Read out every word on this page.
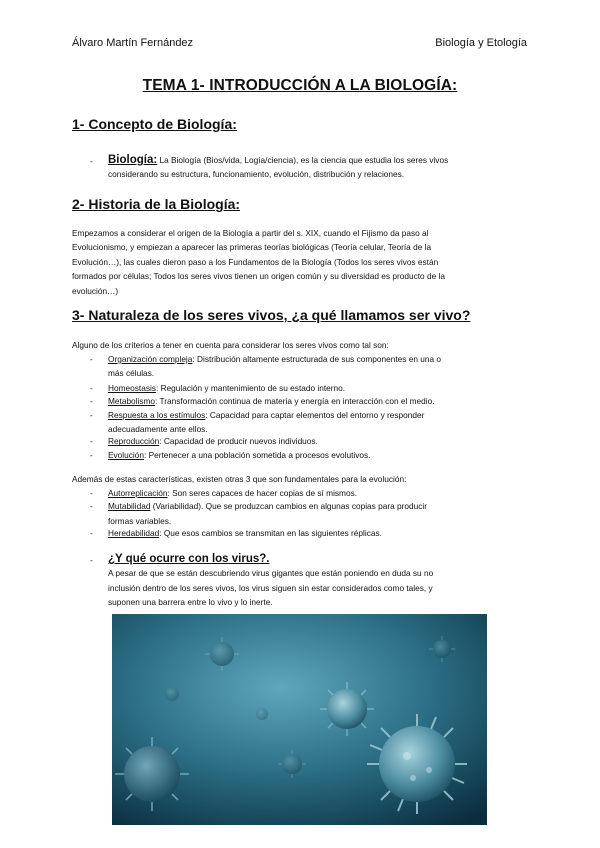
Álvaro Martín Fernández	Biología y Etología
TEMA 1- INTRODUCCIÓN A LA BIOLOGÍA:
1- Concepto de Biología:
-	Biología: La Biología (Bios/vida, Logía/ciencia), es la ciencia que estudia los seres vivos
considerando su estructura, funcionamiento, evolución, distribución y relaciones.
2- Historia de la Biología:
Empezamos a considerar el origen de la Biología a partir del s. XIX, cuando el Fijismo da paso al
Evolucionismo, y empiezan a aparecer las primeras teorías biológicas (Teoría celular, Teoría de la
Evolución…), las cuales dieron paso a los Fundamentos de la Biología (Todos los seres vivos están
formados por células; Todos los seres vivos tienen un origen común y su diversidad es producto de la
evolución…)
3- Naturaleza de los seres vivos, ¿a qué llamamos ser vivo?
Alguno de los criterios a tener en cuenta para considerar los seres vivos como tal son:
-	Organización compleja: Distribución altamente estructurada de sus componentes en una o
más células.
-	Homeostasis: Regulación y mantenimiento de su estado interno.
-	Metabolismo: Transformación continua de materia y energía en interacción con el medio.
-	Respuesta a los estímulos: Capacidad para captar elementos del entorno y responder
adecuadamente ante ellos.
-	Reproducción: Capacidad de producir nuevos individuos.
-	Evolución: Pertenecer a una población sometida a procesos evolutivos.
Además de estas características, existen otras 3 que son fundamentales para la evolución:
-	Autorreplicación: Son seres capaces de hacer copias de sí mismos.
-	Mutabilidad (Variabilidad). Que se produzcan cambios en algunas copias para producir
formas variables.
-	Heredabilidad: Que esos cambios se transmitan en las siguientes réplicas.
-	¿Y qué ocurre con los virus?.
A pesar de que se están descubriendo virus gigantes que están poniendo en duda su no
inclusión dentro de los seres vivos, los virus siguen sin estar considerados como tales, y
suponen una barrera entre lo vivo y lo inerte.
